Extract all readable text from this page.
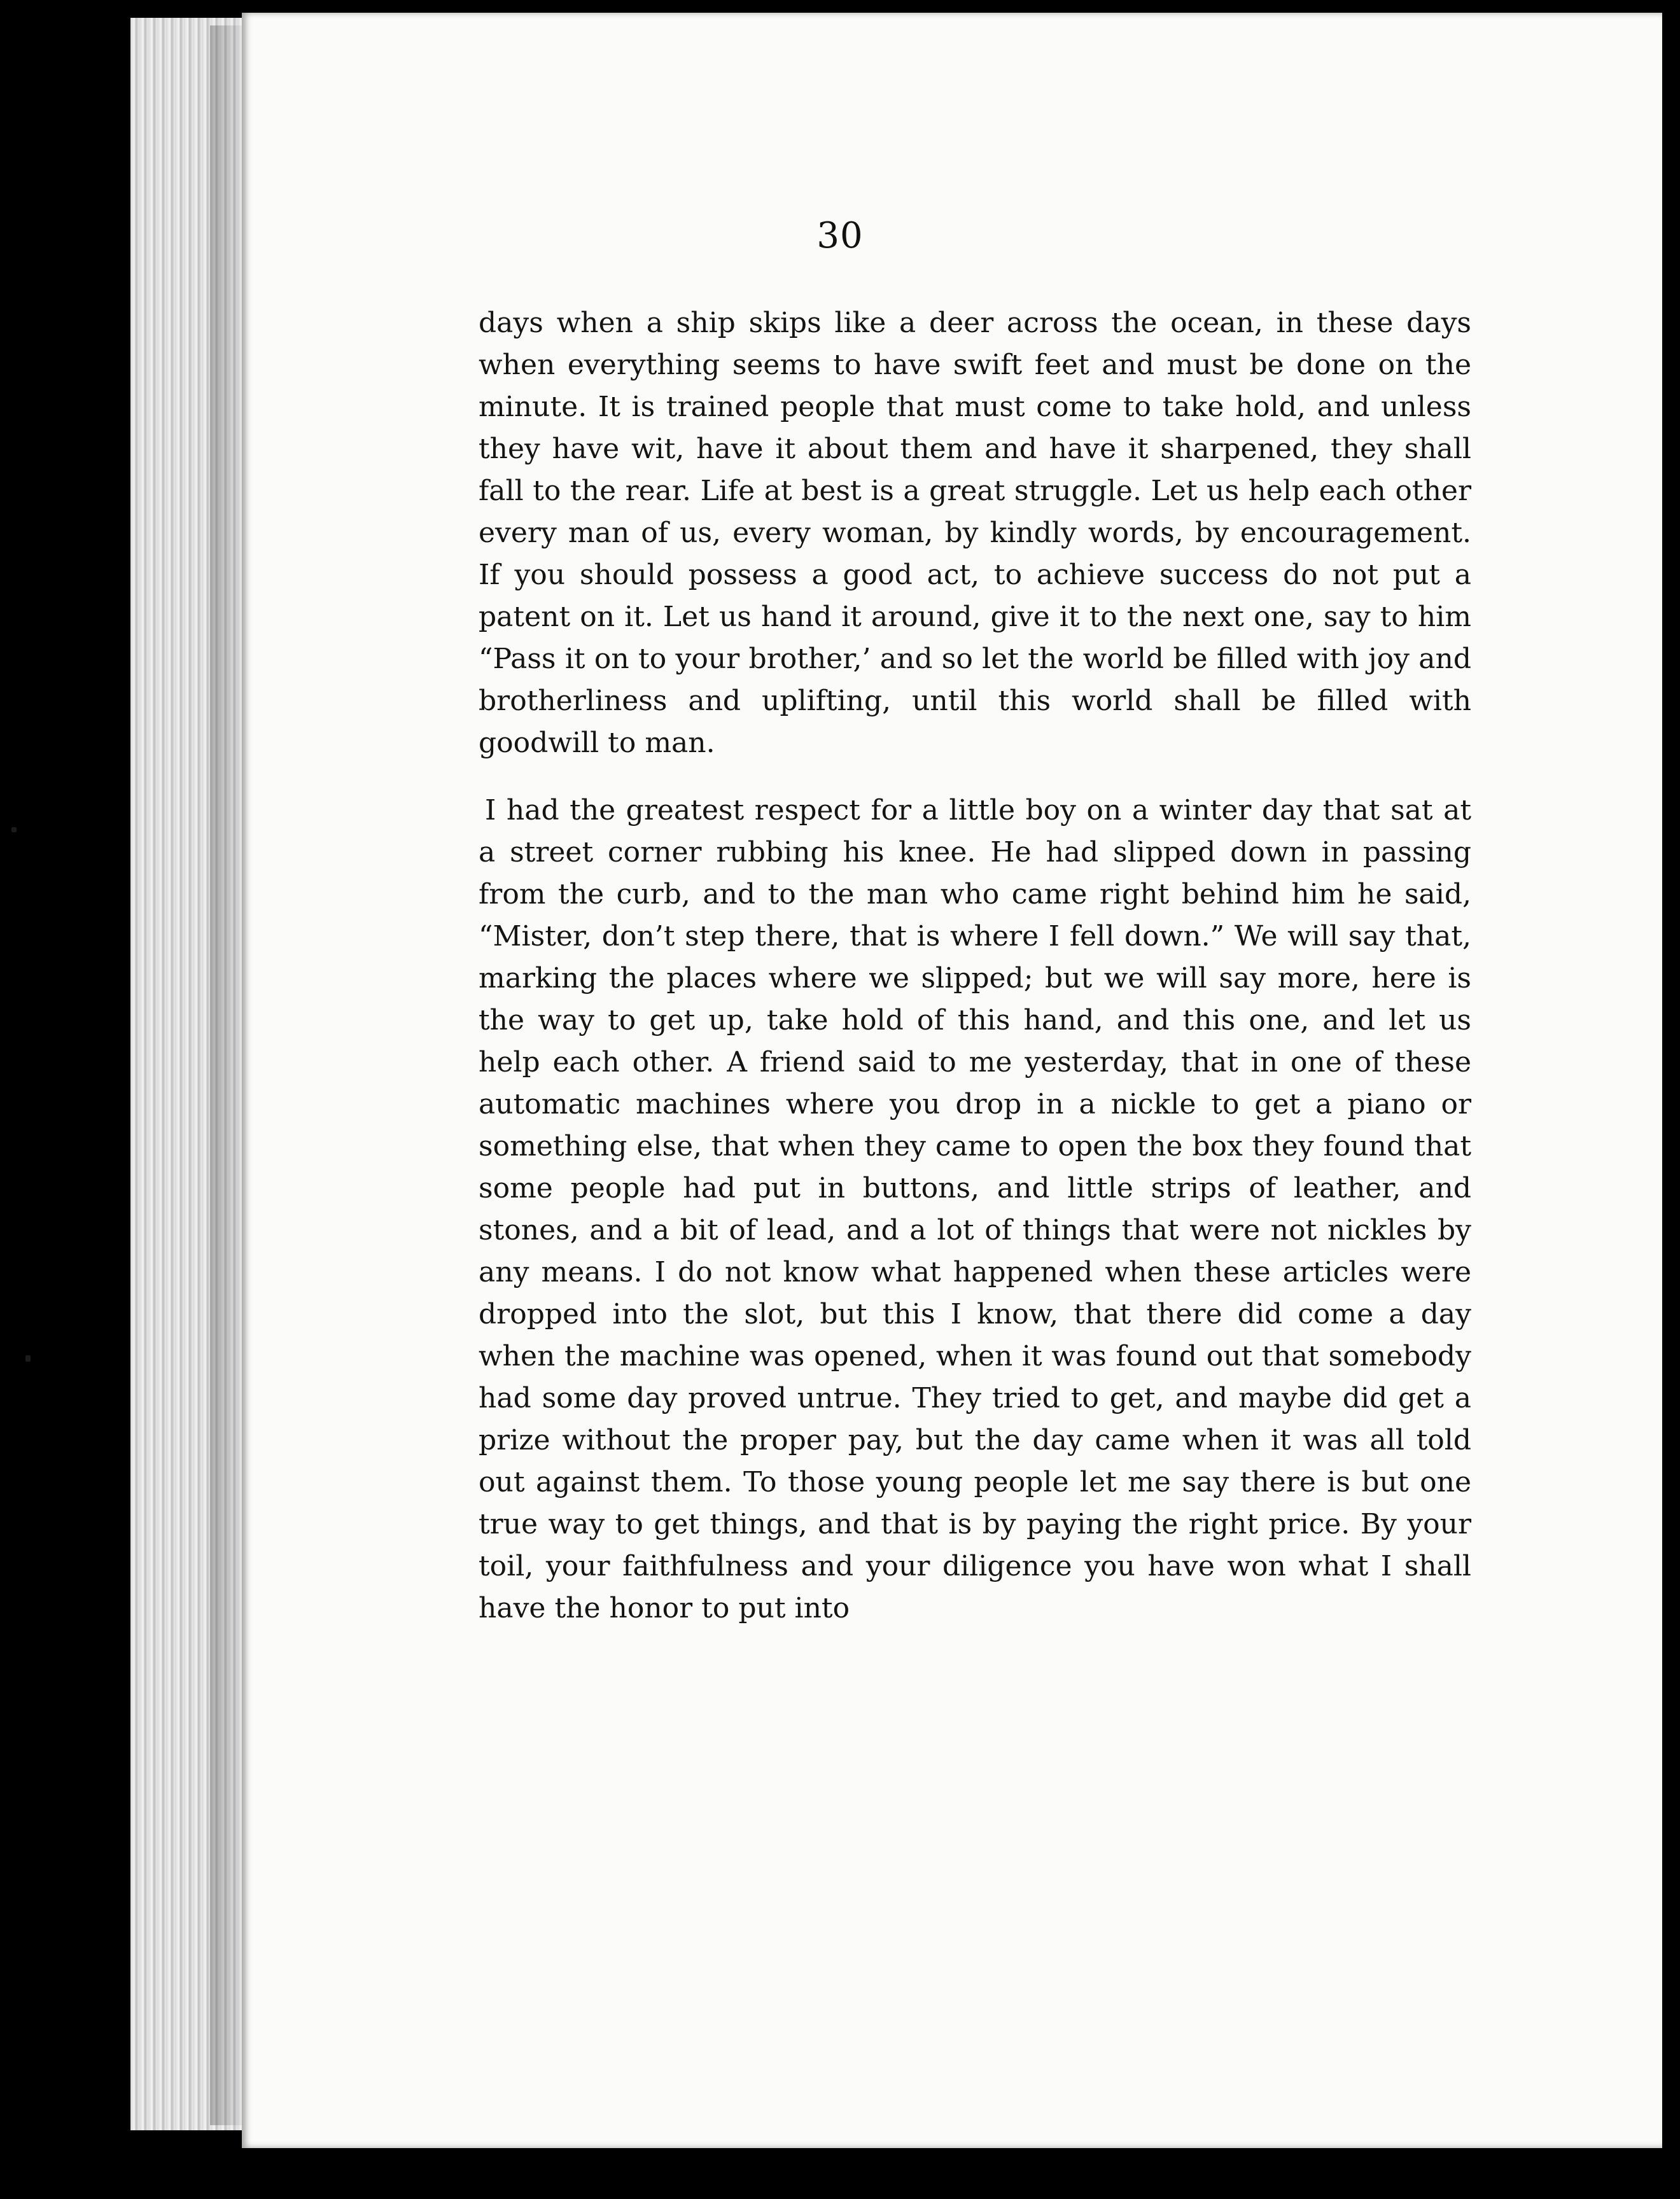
30

days when a ship skips like a deer across the ocean, in these days when everything seems to have swift feet and must be done on the minute. It is trained people that must come to take hold, and unless they have wit, have it about them and have it sharpened, they shall fall to the rear. Life at best is a great struggle. Let us help each other every man of us, every woman, by kindly words, by encouragement. If you should possess a good act, to achieve success do not put a patent on it. Let us hand it around, give it to the next one, say to him “Pass it on to your brother,’ and so let the world be filled with joy and brotherliness and uplifting, until this world shall be filled with goodwill to man.

I had the greatest respect for a little boy on a winter day that sat at a street corner rubbing his knee. He had slipped down in passing from the curb, and to the man who came right behind him he said, “Mister, don’t step there, that is where I fell down.” We will say that, marking the places where we slipped; but we will say more, here is the way to get up, take hold of this hand, and this one, and let us help each other. A friend said to me yesterday, that in one of these automatic machines where you drop in a nickle to get a piano or something else, that when they came to open the box they found that some people had put in buttons, and little strips of leather, and stones, and a bit of lead, and a lot of things that were not nickles by any means. I do not know what happened when these articles were dropped into the slot, but this I know, that there did come a day when the machine was opened, when it was found out that somebody had some day proved untrue. They tried to get, and maybe did get a prize without the proper pay, but the day came when it was all told out against them. To those young people let me say there is but one true way to get things, and that is by paying the right price. By your toil, your faithfulness and your diligence you have won what I shall have the honor to put into
